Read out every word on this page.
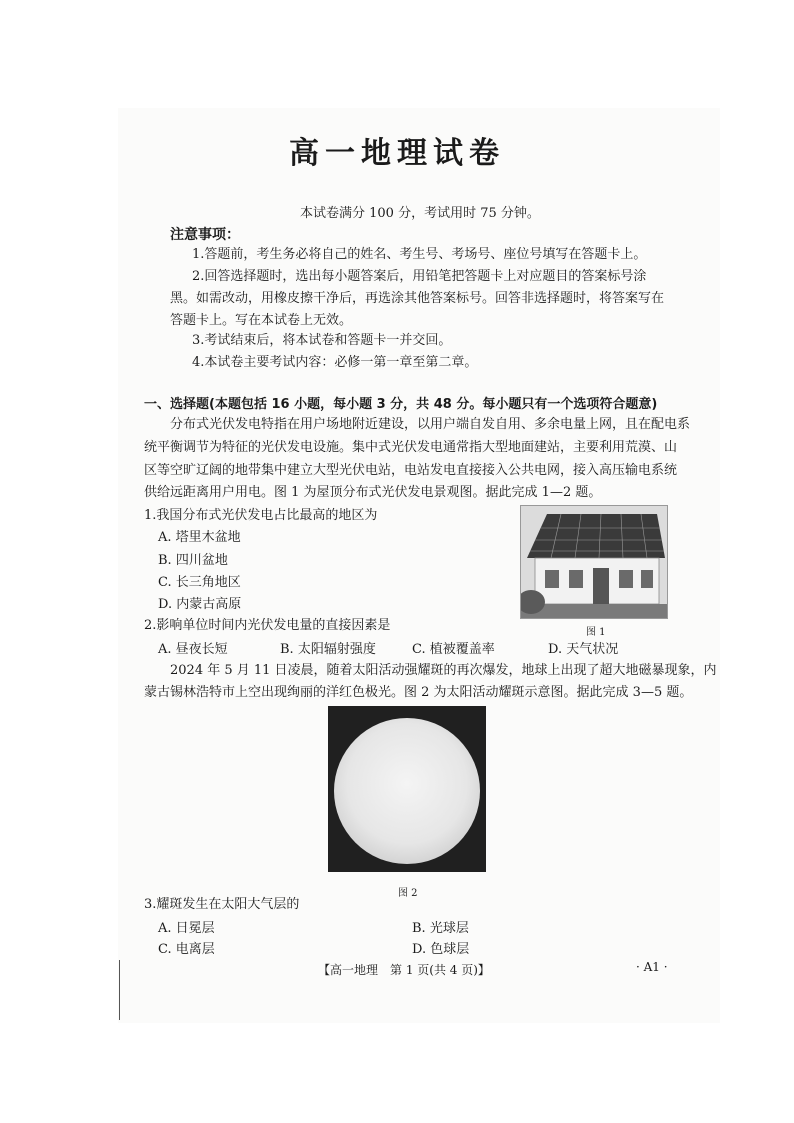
高一地理试卷
本试卷满分 100 分，考试用时 75 分钟。
注意事项：
1.答题前，考生务必将自己的姓名、考生号、考场号、座位号填写在答题卡上。
2.回答选择题时，选出每小题答案后，用铅笔把答题卡上对应题目的答案标号涂
黑。如需改动，用橡皮擦干净后，再选涂其他答案标号。回答非选择题时，将答案写在
答题卡上。写在本试卷上无效。
3.考试结束后，将本试卷和答题卡一并交回。
4.本试卷主要考试内容：必修一第一章至第二章。
一、选择题(本题包括 16 小题，每小题 3 分，共 48 分。每小题只有一个选项符合题意)
分布式光伏发电特指在用户场地附近建设，以用户端自发自用、多余电量上网，且在配电系
统平衡调节为特征的光伏发电设施。集中式光伏发电通常指大型地面建站，主要利用荒漠、山
区等空旷辽阔的地带集中建立大型光伏电站，电站发电直接接入公共电网，接入高压输电系统
供给远距离用户用电。图 1 为屋顶分布式光伏发电景观图。据此完成 1—2 题。
1.我国分布式光伏发电占比最高的地区为
A. 塔里木盆地
B. 四川盆地
C. 长三角地区
D. 内蒙古高原
图 1
2.影响单位时间内光伏发电量的直接因素是
A. 昼夜长短	B. 太阳辐射强度	C. 植被覆盖率	D. 天气状况
2024 年 5 月 11 日凌晨，随着太阳活动强耀斑的再次爆发，地球上出现了超大地磁暴现象，内
蒙古锡林浩特市上空出现绚丽的洋红色极光。图 2 为太阳活动耀斑示意图。据此完成 3—5 题。
图 2
3.耀斑发生在太阳大气层的
A. 日冕层	B. 光球层
C. 电离层	D. 色球层
【高一地理　第 1 页(共 4 页)】	· A1 ·
